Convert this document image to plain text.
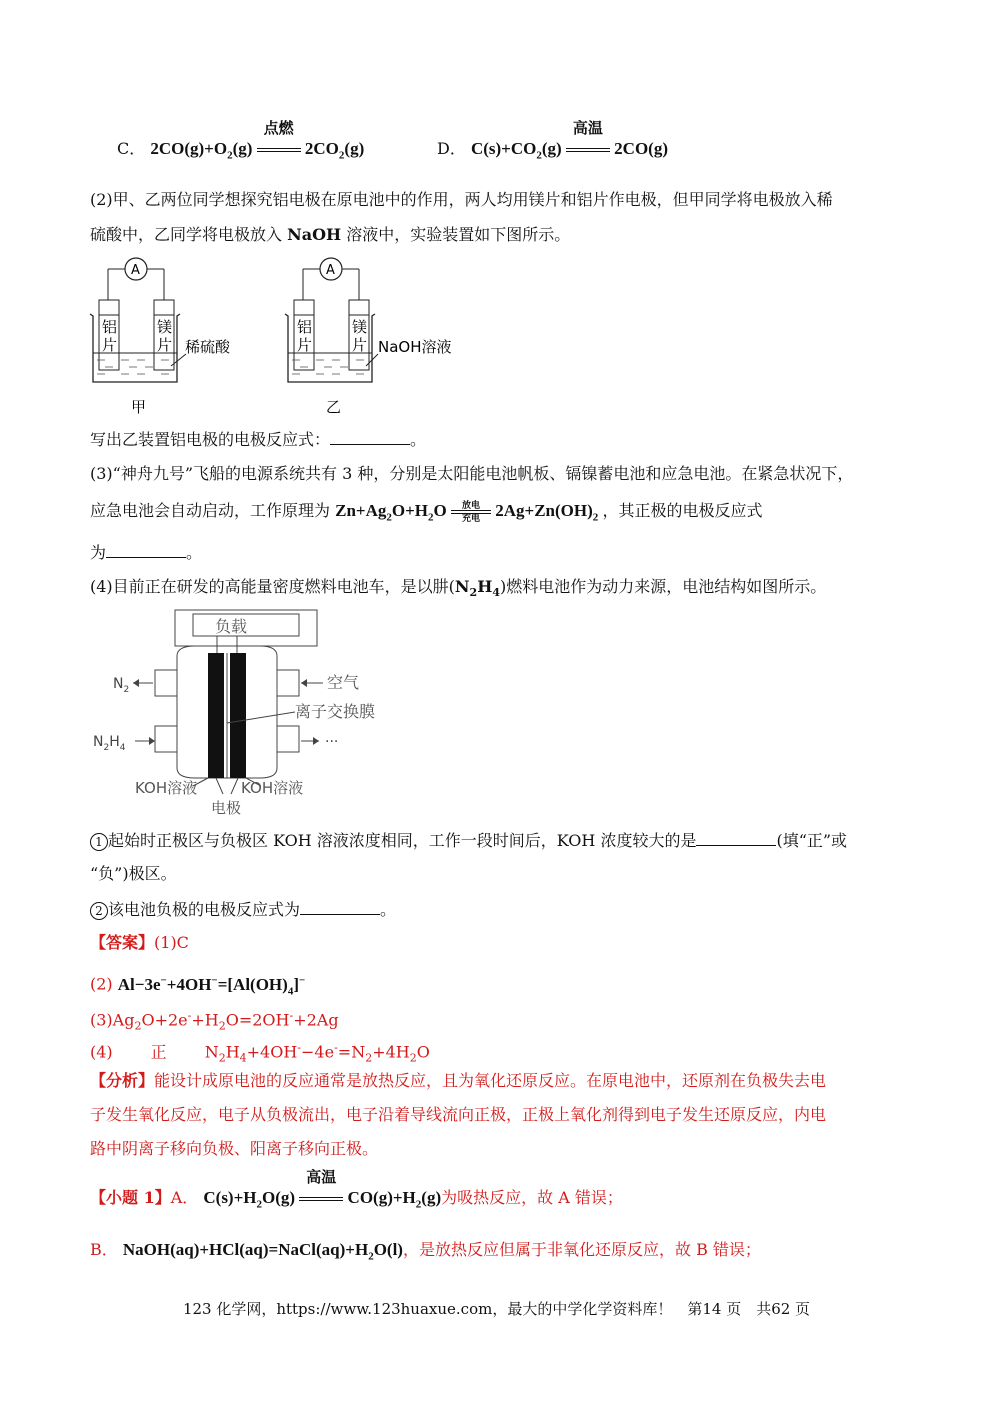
C． $2CO(g)+O_2(g)$
点燃
$2CO_2(g)$	D． $C(s)+CO_2(g)$
高温
2CO(g)
(2)甲、乙两位同学想探究铝电极在原电池中的作用，两人均用镁片和铝片作电极，但甲同学将电极放入稀
硫酸中，乙同学将电极放入 NaOH 溶液中，实验装置如下图所示。
A
铝
片
镁
片 稀硫酸
甲
A
铝
片
镁
片 NaOH溶液
乙
写出乙装置铝电极的电极反应式：	。
(3)“神舟九号”飞船的电源系统共有 3 种，分别是太阳能电池帆板、镉镍蓄电池和应急电池。在紧急状况下，
应急电池会自动启动，工作原理为 $Zn+Ag_2O+H_2O$	放电
充电 $2Ag+Zn(OH)_2$ ，其正极的电极反应式
为	。
(4)目前正在研发的高能量密度燃料电池车，是以肼$(N_2H_4)$燃料电池作为动力来源，电池结构如图所示。
负载
$N_2$
$N_2H_4$
空气
···
离子交换膜
KOH溶液	KOH溶液
电极
1 起始时正极区与负极区 KOH 溶液浓度相同，工作一段时间后，KOH 浓度较大的是	(填“正”或
“负”)极区。
2 该电池负极的电极反应式为	。
【答案】(1)C
(2) $Al-3e^-+4OH^-=[Al(OH)_4]^-$
$(3)Ag_2O+2e^-+H_2O=2OH^-+2Ag$
(4) 正 $N_2H_4+4OH^--4e^-=N_2+4H_2O$
【分析】能设计成原电池的反应通常是放热反应，且为氧化还原反应。在原电池中，还原剂在负极失去电
子发生氧化反应，电子从负极流出，电子沿着导线流向正极，正极上氧化剂得到电子发生还原反应，内电
路中阴离子移向负极、阳离子移向正极。
【小题 1】A． $C(s)+H_2O(g)$
高温
$CO(g)+H_2(g)$为吸热反应，故 A 错误；
B． $NaOH(aq)+HCl(aq)=NaCl(aq)+H_2O(l)$，是放热反应但属于非氧化还原反应，故 B 错误；
123 化学网，https://www.123huaxue.com，最大的中学化学资料库！　第14 页　共62 页
